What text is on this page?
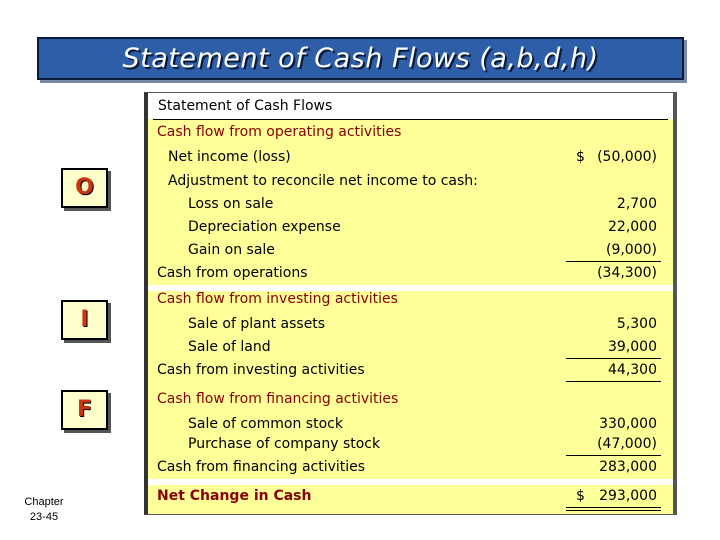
Statement of Cash Flows (a,b,d,h)
O
I
F
Chapter
23-45
Statement of Cash Flows
Cash flow from operating activities
Net income (loss)	$ (50,000)
Adjustment to reconcile net income to cash:
Loss on sale	2,700
Depreciation expense	22,000
Gain on sale	(9,000)
Cash from operations	(34,300)
Cash flow from investing activities
Sale of plant assets	5,300
Sale of land	39,000
Cash from investing activities	44,300
Cash flow from financing activities
Sale of common stock	330,000
Purchase of company stock	(47,000)
Cash from financing activities	283,000
Net Change in Cash	$ 293,000
